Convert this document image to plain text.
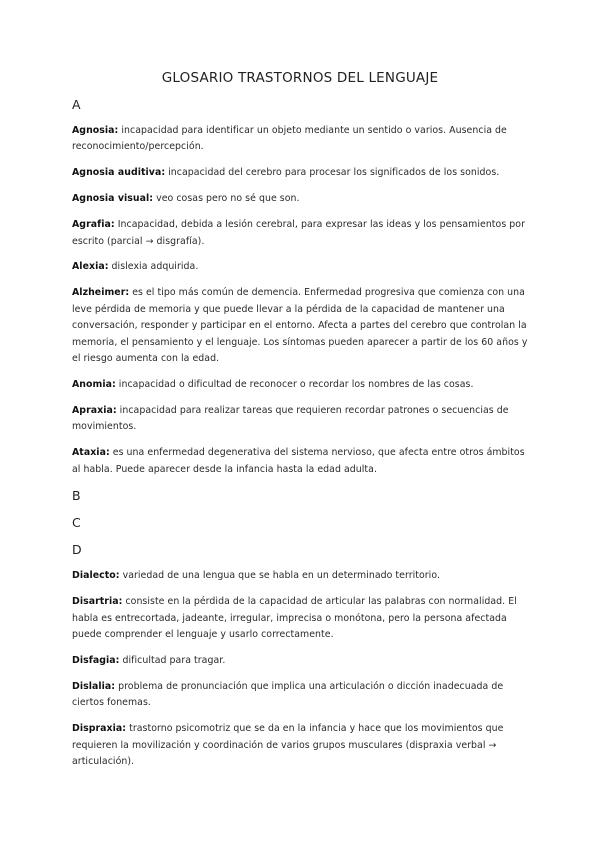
GLOSARIO TRASTORNOS DEL LENGUAJE
A
Agnosia: incapacidad para identificar un objeto mediante un sentido o varios. Ausencia de reconocimiento/percepción.
Agnosia auditiva: incapacidad del cerebro para procesar los significados de los sonidos.
Agnosia visual: veo cosas pero no sé que son.
Agrafia: Incapacidad, debida a lesión cerebral, para expresar las ideas y los pensamientos por escrito (parcial → disgrafía).
Alexia: dislexia adquirida.
Alzheimer: es el tipo más común de demencia. Enfermedad progresiva que comienza con una leve pérdida de memoria y que puede llevar a la pérdida de la capacidad de mantener una conversación, responder y participar en el entorno. Afecta a partes del cerebro que controlan la memoria, el pensamiento y el lenguaje. Los síntomas pueden aparecer a partir de los 60 años y el riesgo aumenta con la edad.
Anomia: incapacidad o dificultad de reconocer o recordar los nombres de las cosas.
Apraxia: incapacidad para realizar tareas que requieren recordar patrones o secuencias de movimientos.
Ataxia: es una enfermedad degenerativa del sistema nervioso, que afecta entre otros ámbitos al habla. Puede aparecer desde la infancia hasta la edad adulta.
B
C
D
Dialecto: variedad de una lengua que se habla en un determinado territorio.
Disartria: consiste en la pérdida de la capacidad de articular las palabras con normalidad. El habla es entrecortada, jadeante, irregular, imprecisa o monótona, pero la persona afectada puede comprender el lenguaje y usarlo correctamente.
Disfagia: dificultad para tragar.
Dislalia: problema de pronunciación que implica una articulación o dicción inadecuada de ciertos fonemas.
Dispraxia: trastorno psicomotriz que se da en la infancia y hace que los movimientos que requieren la movilización y coordinación de varios grupos musculares (dispraxia verbal → articulación).
